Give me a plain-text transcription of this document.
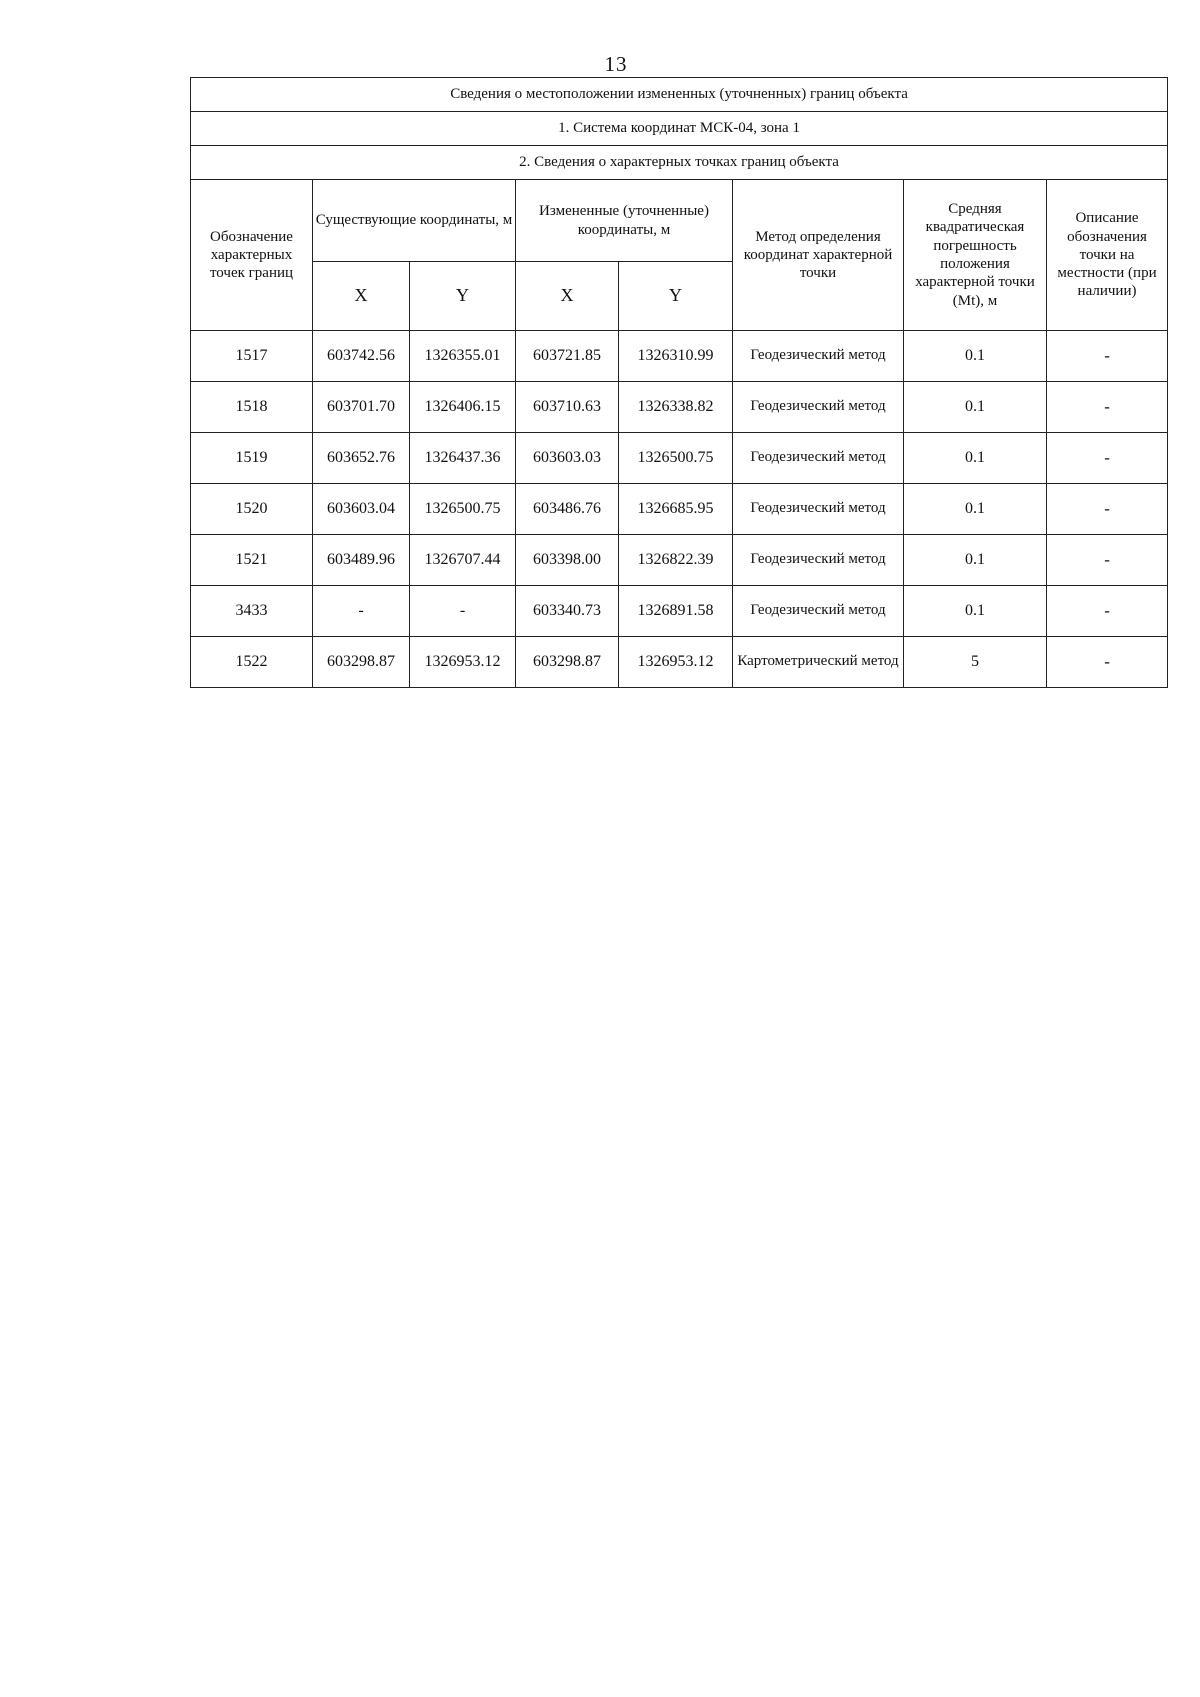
13
Сведения о местоположении измененных (уточненных) границ объекта							
1. Система координат МСК-04, зона 1							
2. Сведения о характерных точках границ объекта							
Обозначение характерных точек границ	Существующие координаты, м		Измененные (уточненные) координаты, м		Метод определения координат характерной точки	Средняя квадратическая погрешность положения характерной точки (Mt), м	Описание обозначения точки на местности (при наличии)
	X	Y	X	Y			
1517	603742.56	1326355.01	603721.85	1326310.99	Геодезический метод	0.1	-
1518	603701.70	1326406.15	603710.63	1326338.82	Геодезический метод	0.1	-
1519	603652.76	1326437.36	603603.03	1326500.75	Геодезический метод	0.1	-
1520	603603.04	1326500.75	603486.76	1326685.95	Геодезический метод	0.1	-
1521	603489.96	1326707.44	603398.00	1326822.39	Геодезический метод	0.1	-
3433	-	-	603340.73	1326891.58	Геодезический метод	0.1	-
1522	603298.87	1326953.12	603298.87	1326953.12	Картометрический метод	5	-
